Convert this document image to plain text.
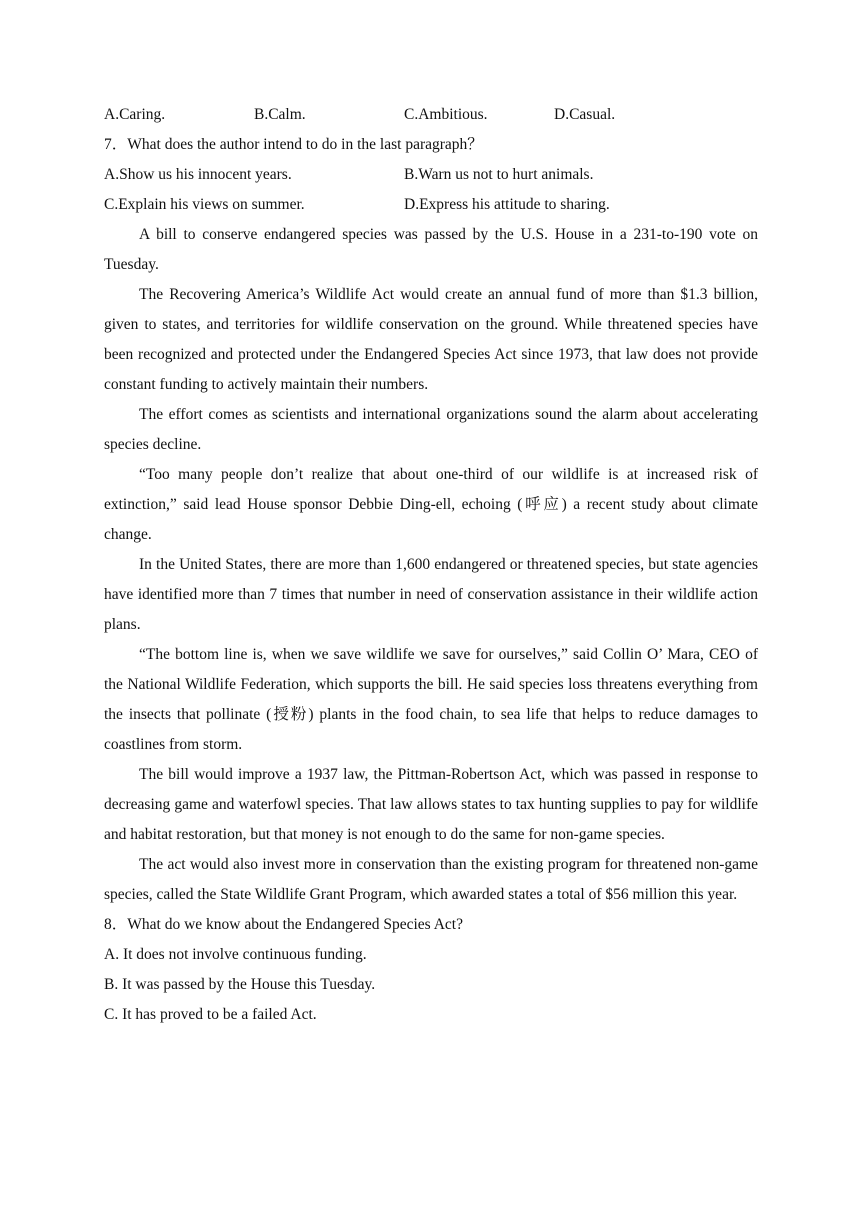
A.Caring.	B.Calm.	C.Ambitious.	D.Casual.
7．What does the author intend to do in the last paragraph？
A.Show us his innocent years.	B.Warn us not to hurt animals.
C.Explain his views on summer.	D.Express his attitude to sharing.

A bill to conserve endangered species was passed by the U.S. House in a 231-to-190 vote on Tuesday.

The Recovering America’s Wildlife Act would create an annual fund of more than $1.3 billion, given to states, and territories for wildlife conservation on the ground. While threatened species have been recognized and protected under the Endangered Species Act since 1973, that law does not provide constant funding to actively maintain their numbers.

The effort comes as scientists and international organizations sound the alarm about accelerating species decline.

“Too many people don’t realize that about one-third of our wildlife is at increased risk of extinction,” said lead House sponsor Debbie Ding-ell, echoing (呼应) a recent study about climate change.

In the United States, there are more than 1,600 endangered or threatened species, but state agencies have identified more than 7 times that number in need of conservation assistance in their wildlife action plans.

“The bottom line is, when we save wildlife we save for ourselves,” said Collin O’ Mara, CEO of the National Wildlife Federation, which supports the bill. He said species loss threatens everything from the insects that pollinate (授粉) plants in the food chain, to sea life that helps to reduce damages to coastlines from storm.

The bill would improve a 1937 law, the Pittman-Robertson Act, which was passed in response to decreasing game and waterfowl species. That law allows states to tax hunting supplies to pay for wildlife and habitat restoration, but that money is not enough to do the same for non-game species.

The act would also invest more in conservation than the existing program for threatened non-game species, called the State Wildlife Grant Program, which awarded states a total of $56 million this year.

8．What do we know about the Endangered Species Act?
A. It does not involve continuous funding.
B. It was passed by the House this Tuesday.
C. It has proved to be a failed Act.
